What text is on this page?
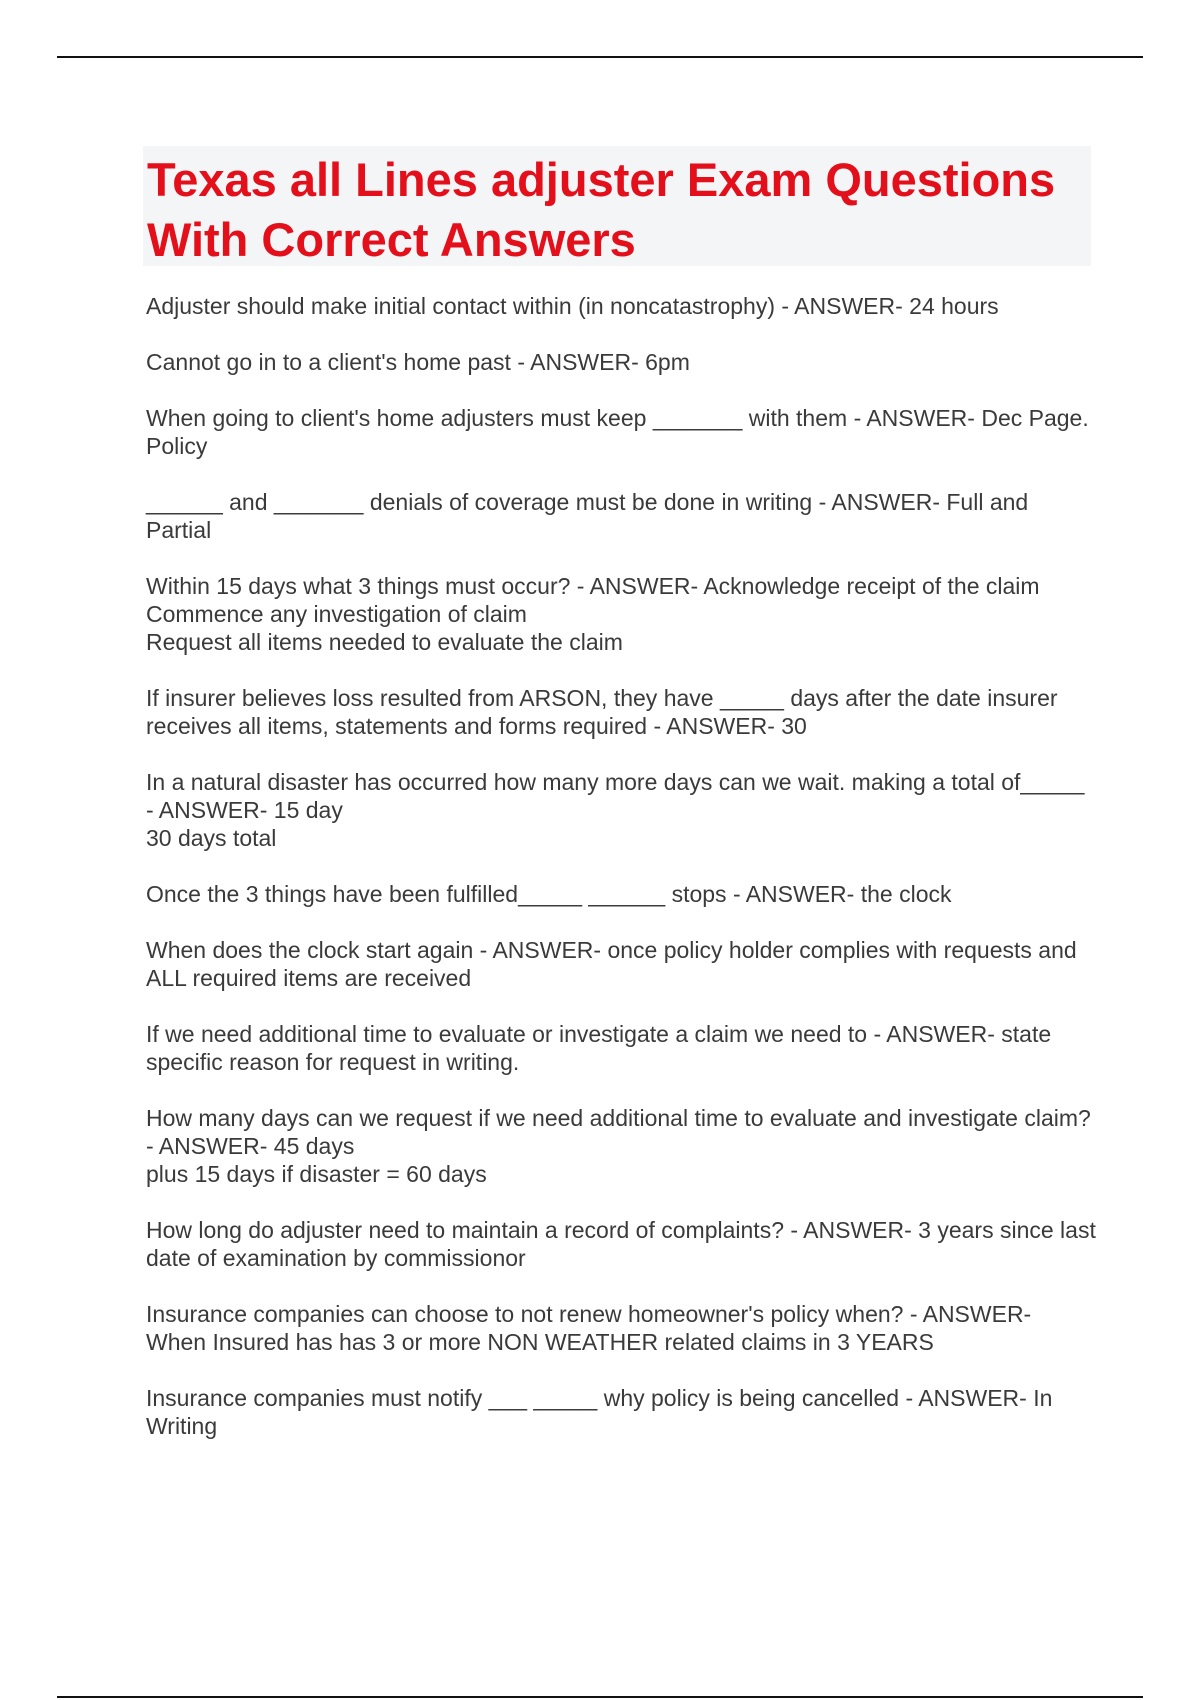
Texas all Lines adjuster Exam Questions With Correct Answers

Adjuster should make initial contact within (in noncatastrophy) - ANSWER- 24 hours

Cannot go in to a client's home past - ANSWER- 6pm

When going to client's home adjusters must keep _______ with them - ANSWER- Dec Page. Policy

______ and _______ denials of coverage must be done in writing - ANSWER- Full and Partial

Within 15 days what 3 things must occur? - ANSWER- Acknowledge receipt of the claim
Commence any investigation of claim
Request all items needed to evaluate the claim

If insurer believes loss resulted from ARSON, they have _____ days after the date insurer receives all items, statements and forms required - ANSWER- 30

In a natural disaster has occurred how many more days can we wait. making a total of_____ - ANSWER- 15 day
30 days total

Once the 3 things have been fulfilled_____ ______ stops - ANSWER- the clock

When does the clock start again - ANSWER- once policy holder complies with requests and ALL required items are received

If we need additional time to evaluate or investigate a claim we need to - ANSWER- state specific reason for request in writing.

How many days can we request if we need additional time to evaluate and investigate claim? - ANSWER- 45 days
plus 15 days if disaster = 60 days

How long do adjuster need to maintain a record of complaints? - ANSWER- 3 years since last date of examination by commissionor

Insurance companies can choose to not renew homeowner's policy when? - ANSWER- When Insured has has 3 or more NON WEATHER related claims in 3 YEARS

Insurance companies must notify ___ _____ why policy is being cancelled - ANSWER- In Writing
